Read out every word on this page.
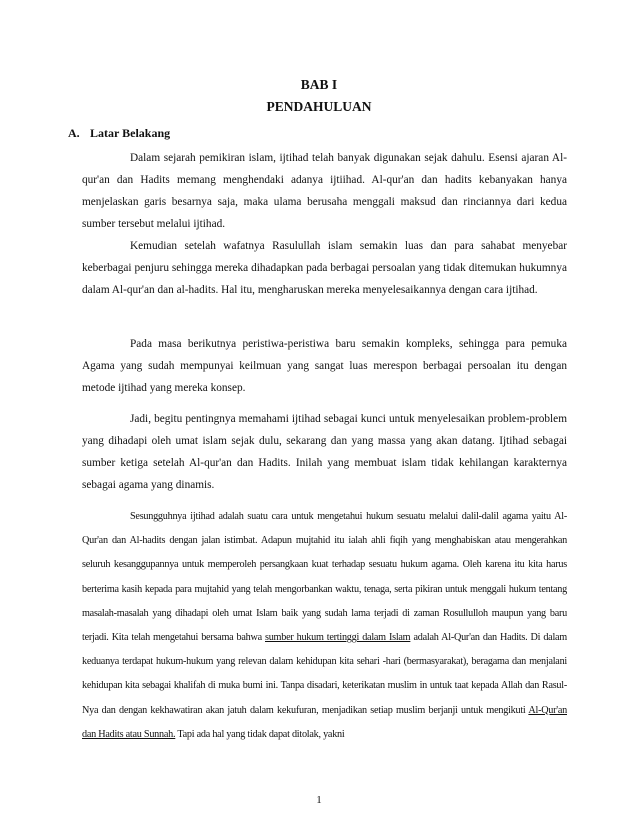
BAB I
PENDAHULUAN
A. Latar Belakang

Dalam sejarah pemikiran islam, ijtihad telah banyak digunakan sejak dahulu. Esensi ajaran Al-qur'an dan Hadits memang menghendaki adanya ijtiihad. Al-qur'an dan hadits kebanyakan hanya menjelaskan garis besarnya saja, maka ulama berusaha menggali maksud dan rinciannya dari kedua sumber tersebut melalui ijtihad.

Kemudian setelah wafatnya Rasulullah islam semakin luas dan para sahabat menyebar keberbagai penjuru sehingga mereka dihadapkan pada berbagai persoalan yang tidak ditemukan hukumnya dalam Al-qur'an dan al-hadits. Hal itu, mengharuskan mereka menyelesaikannya dengan cara ijtihad.

Pada masa berikutnya peristiwa-peristiwa baru semakin kompleks, sehingga para pemuka Agama yang sudah mempunyai keilmuan yang sangat luas merespon berbagai persoalan itu dengan metode ijtihad yang mereka konsep.

Jadi, begitu pentingnya memahami ijtihad sebagai kunci untuk menyelesaikan problem-problem yang dihadapi oleh umat islam sejak dulu, sekarang dan yang massa yang akan datang. Ijtihad sebagai sumber ketiga setelah Al-qur'an dan Hadits. Inilah yang membuat islam tidak kehilangan karakternya sebagai agama yang dinamis.

Sesungguhnya ijtihad adalah suatu cara untuk mengetahui hukum sesuatu melalui dalil-dalil agama yaitu Al-Qur'an dan Al-hadits dengan jalan istimbat. Adapun mujtahid itu ialah ahli fiqih yang menghabiskan atau mengerahkan seluruh kesanggupannya untuk memperoleh persangkaan kuat terhadap sesuatu hukum agama. Oleh karena itu kita harus berterima kasih kepada para mujtahid yang telah mengorbankan waktu, tenaga, serta pikiran untuk menggali hukum tentang masalah-masalah yang dihadapi oleh umat Islam baik yang sudah lama terjadi di zaman Rosullulloh maupun yang baru terjadi. Kita telah mengetahui bersama bahwa sumber hukum tertinggi dalam Islam adalah Al-Qur'an dan Hadits. Di dalam keduanya terdapat hukum-hukum yang relevan dalam kehidupan kita sehari -hari (bermasyarakat), beragama dan menjalani kehidupan kita sebagai khalifah di muka bumi ini. Tanpa disadari, keterikatan muslim in untuk taat kepada Allah dan Rasul-Nya dan dengan kekhawatiran akan jatuh dalam kekufuran, menjadikan setiap muslim berjanji untuk mengikuti Al-Qur'an dan Hadits atau Sunnah. Tapi ada hal yang tidak dapat ditolak, yakni

1
